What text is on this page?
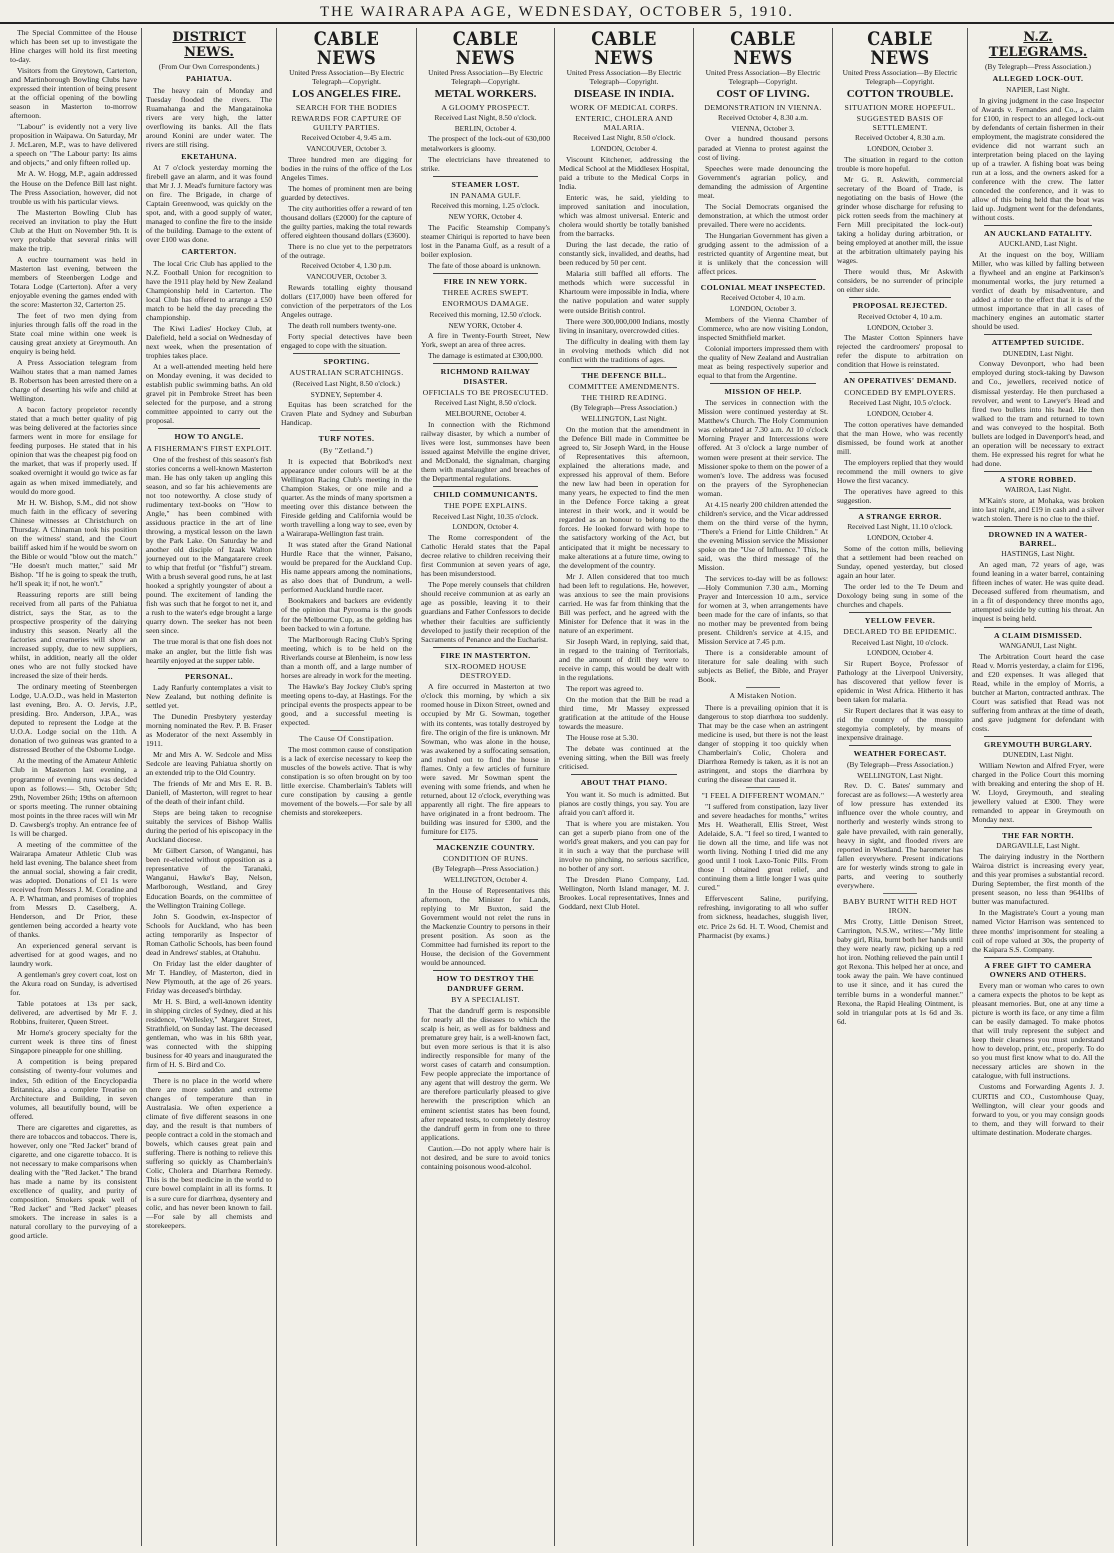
THE WAIRARAPA AGE, WEDNESDAY, OCTOBER 5, 1910.

The Special Committee of the House which has been set up to investigate the Hine charges will hold its first meeting to-day.

Visitors from the Greytown, Carterton, and Martinborough Bowling Clubs have expressed their intention of being present at the official opening of the bowling season in Masterton to-morrow afternoon.

"Labour" is evidently not a very live proposition in Waipawa. On Saturday, Mr J. McLaren, M.P., was to have delivered a speech on "The Labour party: Its aims and objects," and only fifteen rolled up.

Mr A. W. Hogg, M.P., again addressed the House on the Defence Bill last night. The Press Association, however, did not trouble us with his particular views.

The Masterton Bowling Club has received an invitation to play the Hutt Club at the Hutt on November 9th. It is very probable that several rinks will make the trip.

A euchre tournament was held in Masterton last evening, between the members of Steenbergen Lodge and Totara Lodge (Carterton). After a very enjoyable evening the games ended with the score: Masterton 32, Carterton 25.

The feet of two men dying from injuries through falls off the road in the State coal mine within one week is causing great anxiety at Greymouth. An enquiry is being held.

A Press Association telegram from Waihou states that a man named James B. Robertson has been arrested there on a charge of deserting his wife and child at Wellington.

A bacon factory proprietor recently stated that a much better quality of pig was being delivered at the factories since farmers went in more for ensilage for feeding purposes. He stated that in his opinion that was the cheapest pig food on the market, that was if properly used. If soaked overnight it would go twice as far again as when mixed immediately, and would do more good.

Mr H. W. Bishop, S.M., did not show much faith in the efficacy of severing Chinese witnesses at Christchurch on Thursday. A Chinaman took his position on the witness' stand, and the Court bailiff asked him if he would be sworn on the Bible or would "blow out the match." "He doesn't much matter," said Mr Bishop. "If he is going to speak the truth, he'll speak it; if not, he won't."

Reassuring reports are still being received from all parts of the Pahiatua district, says the Star, as to the prospective prosperity of the dairying industry this season. Nearly all the factories and creameries will show an increased supply, due to new suppliers, whilst, in addition, nearly all the older ones who are not fully stocked have increased the size of their herds.

The ordinary meeting of Steenbergen Lodge, U.A.O.D., was held in Masterton last evening, Bro. A. O. Jervis, J.P., presiding. Bro. Anderson, J.P.A., was deputed to represent the Lodge at the U.O.A. Lodge social on the 11th. A donation of two guineas was granted to a distressed Brother of the Osborne Lodge.

At the meeting of the Amateur Athletic Club in Masterton last evening, a programme of evening runs was decided upon as follows:— 5th, October 5th; 29th, November 26th; 19ths on afternoon or sports meeting. The runner obtaining most points in the three races will win Mr D. Cawsberg's trophy. An entrance fee of 1s will be charged.

A meeting of the committee of the Wairarapa Amateur Athletic Club was held last evening. The balance sheet from the annual social, showing a fair credit, was adopted. Donations of £1 1s were received from Messrs J. M. Coradine and A. P. Whatman, and promises of trophies from Messrs D. Caselberg, A. Henderson, and Dr Prior, these gentlemen being accorded a hearty vote of thanks.

An experienced general servant is advertised for at good wages, and no laundry work.

A gentleman's grey covert coat, lost on the Akura road on Sunday, is advertised for.

Table potatoes at 13s per sack, delivered, are advertised by Mr F. J. Robbins, fruiterer, Queen Street.

Mr Horne's grocery specialty for the current week is three tins of finest Singapore pineapple for one shilling.

A competition is being prepared consisting of twenty-four volumes and index, 5th edition of the Encyclopædia Britannica, also a complete Treatise on Architecture and Building, in seven volumes, all beautifully bound, will be offered.

There are cigarettes and cigarettes, as there are tobaccos and tobaccos. There is, however, only one "Red Jacket" brand of cigarette, and one cigarette tobacco. It is not necessary to make comparisons when dealing with the "Red Jacket." The brand has made a name by its consistent excellence of quality, and purity of composition. Smokers speak well of "Red Jacket" and "Red Jacket" pleases smokers. The increase in sales is a natural corollary to the purveying of a good article.

DISTRICT NEWS.
(From Our Own Correspondents.)
PAHIATUA.

The heavy rain of Monday and Tuesday flooded the rivers. The Ruamahanga and the Mangatainoka rivers are very high, the latter overflowing its banks. All the flats around Konini are under water. The rivers are still rising.

EKETAHUNA.

At 7 o'clock yesterday morning the firebell gave an alarm, and it was found that Mr J. J. Mead's furniture factory was on fire. The Brigade, in charge of Captain Greenwood, was quickly on the spot, and, with a good supply of water, managed to confine the fire to the inside of the building. Damage to the extent of over £100 was done.

CARTERTON.

The local Cric Club has applied to the N.Z. Football Union for recognition to have the 1911 play held by New Zealand Championship held in Carterton. The local Club has offered to arrange a £50 match to be held the day preceding the championship.

The Kiwi Ladies' Hockey Club, at Dalefield, held a social on Wednesday of next week, when the presentation of trophies takes place.

At a well-attended meeting held here on Monday evening, it was decided to establish public swimming baths. An old gravel pit in Pembroke Street has been selected for the purpose, and a strong committee appointed to carry out the proposal.

HOW TO ANGLE.
A FISHERMAN'S FIRST EXPLOIT.

One of the freshest of this season's fish stories concerns a well-known Masterton man. He has only taken up angling this season, and so far his achievements are not too noteworthy. A close study of rudimentary text-books on "How to Angle," has been combined with assiduous practice in the art of line throwing, a mystical lesson on the lawn by the Park Lake. On Saturday he and another old disciple of Izaak Walton journeyed out to the Mangatarere creek to whip that fretful (or "fishful") stream. With a brush several good runs, he at last hooked a sprightly youngster of about a pound. The excitement of landing the fish was such that he forgot to net it, and a rush to the water's edge brought a large quarry down. The seeker has not been seen since.

The true moral is that one fish does not make an angler, but the little fish was heartily enjoyed at the supper table.

PERSONAL.

Lady Ranfurly contemplates a visit to New Zealand, but nothing definite is settled yet.

The Dunedin Presbytery yesterday morning nominated the Rev. P. B. Fraser as Moderator of the next Assembly in 1911.

Mr and Mrs A. W. Sedcole and Miss Sedcole are leaving Pahiatua shortly on an extended trip to the Old Country.

The friends of Mr and Mrs E. R. B. Daniell, of Masterton, will regret to hear of the death of their infant child.

Steps are being taken to recognise suitably the services of Bishop Wallis during the period of his episcopacy in the Auckland diocese.

Mr Gilbert Carson, of Wanganui, has been re-elected without opposition as a representative of the Taranaki, Wanganui, Hawke's Bay, Nelson, Marlborough, Westland, and Grey Education Boards, on the committee of the Wellington Training College.

John S. Goodwin, ex-Inspector of Schools for Auckland, who has been acting temporarily as Inspector of Roman Catholic Schools, has been found dead in Andrews' stables, at Otahuhu.

On Friday last the elder daughter of Mr T. Handley, of Masterton, died in New Plymouth, at the age of 26 years. Friday was deceased's birthday.

Mr H. S. Bird, a well-known identity in shipping circles of Sydney, died at his residence, "Wellesley," Margaret Street, Strathfield, on Sunday last. The deceased gentleman, who was in his 68th year, was connected with the shipping business for 40 years and inaugurated the firm of H. S. Bird and Co.

There is no place in the world where there are more sudden and extreme changes of temperature than in Australasia. We often experience a climate of five different seasons in one day, and the result is that numbers of people contract a cold in the stomach and bowels, which causes great pain and suffering. There is nothing to relieve this suffering so quickly as Chamberlain's Colic, Cholera and Diarrhœa Remedy. This is the best medicine in the world to cure bowel complaint in all its forms. It is a sure cure for diarrhœa, dysentery and colic, and has never been known to fail.—For sale by all chemists and storekeepers.

CABLE NEWS
United Press Association—By Electric Telegraph—Copyright.
LOS ANGELES FIRE.
SEARCH FOR THE BODIES
REWARDS FOR CAPTURE OF GUILTY PARTIES.
Received October 4, 9.45 a.m.
VANCOUVER, October 3.

Three hundred men are digging for bodies in the ruins of the office of the Los Angeles Times.

The homes of prominent men are being guarded by detectives.

The city authorities offer a reward of ten thousand dollars (£2000) for the capture of the guilty parties, making the total rewards offered eighteen thousand dollars (£3600).

There is no clue yet to the perpetrators of the outrage.

Received October 4, 1.30 p.m.
VANCOUVER, October 3.

Rewards totalling eighty thousand dollars (£17,000) have been offered for conviction of the perpetrators of the Los Angeles outrage.

The death roll numbers twenty-one.

Forty special detectives have been engaged to cope with the situation.

SPORTING.
AUSTRALIAN SCRATCHINGS.
(Received Last Night, 8.50 o'clock.)
SYDNEY, September 4.

Equitas has been scratched for the Craven Plate and Sydney and Suburban Handicap.

TURF NOTES.
(By "Zetland.")

It is expected that Bobrikod's next appearance under colours will be at the Wellington Racing Club's meeting in the Champion Stakes, or one mile and a quarter. As the minds of many sportsmen a meeting over this distance between the Fireside gelding and California would be worth travelling a long way to see, even by a Wairarapa-Wellington fast train.

It was stated after the Grand National Hurdle Race that the winner, Paisano, would be prepared for the Auckland Cup. His name appears among the nominations, as also does that of Dundrum, a well-performed Auckland hurdle racer.

Bookmakers and backers are evidently of the opinion that Pyrooma is the goods for the Melbourne Cup, as the gelding has been backed to win a fortune.

The Marlborough Racing Club's Spring meeting, which is to be held on the Riverlands course at Blenheim, is now less than a month off, and a large number of horses are already in work for the meeting.

The Hawke's Bay Jockey Club's spring meeting opens to-day, at Hastings. For the principal events the prospects appear to be good, and a successful meeting is expected.

The Cause Of Constipation.

The most common cause of constipation is a lack of exercise necessary to keep the muscles of the bowels active. That is why constipation is so often brought on by too little exercise. Chamberlain's Tablets will cure constipation by causing a gentle movement of the bowels.—For sale by all chemists and storekeepers.

CABLE NEWS
United Press Association—By Electric Telegraph—Copyright.
METAL WORKERS.
A GLOOMY PROSPECT.
Received Last Night, 8.50 o'clock.
BERLIN, October 4.

The prospect of the lock-out of 630,000 metalworkers is gloomy.

The electricians have threatened to strike.

STEAMER LOST.
IN PANAMA GULF.
Received this morning, 1.25 o'clock.
NEW YORK, October 4.

The Pacific Steamship Company's steamer Chiriqui is reported to have been lost in the Panama Gulf, as a result of a boiler explosion.

The fate of those aboard is unknown.

FIRE IN NEW YORK.
THREE ACRES SWEPT.
ENORMOUS DAMAGE.
Received this morning, 12.50 o'clock.
NEW YORK, October 4.

A fire in Twenty-Fourth Street, New York, swept an area of three acres.

The damage is estimated at £300,000.

RICHMOND RAILWAY DISASTER.
OFFICIALS TO BE PROSECUTED.
Received Last Night, 8.50 o'clock.
MELBOURNE, October 4.

In connection with the Richmond railway disaster, by which a number of lives were lost, summonses have been issued against Melville the engine driver, and McDonald, the signalman, charging them with manslaughter and breaches of the Departmental regulations.

CHILD COMMUNICANTS.
THE POPE EXPLAINS.
Received Last Night, 10.35 o'clock.
LONDON, October 4.

The Rome correspondent of the Catholic Herald states that the Papal decree relative to children receiving their first Communion at seven years of age, has been misunderstood.

The Pope merely counsels that children should receive communion at as early an age as possible, leaving it to their guardians and Father Confessors to decide whether their faculties are sufficiently developed to justify their reception of the Sacraments of Penance and the Eucharist.

FIRE IN MASTERTON.
SIX-ROOMED HOUSE DESTROYED.

A fire occurred in Masterton at two o'clock this morning, by which a six roomed house in Dixon Street, owned and occupied by Mr G. Sowman, together with its contents, was totally destroyed by fire. The origin of the fire is unknown. Mr Sowman, who was alone in the house, was awakened by a suffocating sensation, and rushed out to find the house in flames. Only a few articles of furniture were saved. Mr Sowman spent the evening with some friends, and when he returned, about 12 o'clock, everything was apparently all right. The fire appears to have originated in a front bedroom. The building was insured for £300, and the furniture for £175.

MACKENZIE COUNTRY.
CONDITION OF RUNS.
(By Telegraph—Press Association.)
WELLINGTON, October 4.

In the House of Representatives this afternoon, the Minister for Lands, replying to Mr Buxton, said the Government would not relet the runs in the Mackenzie Country to persons in their present position. As soon as the Committee had furnished its report to the House, the decision of the Government would be announced.

HOW TO DESTROY THE DANDRUFF GERM.
BY A SPECIALIST.

That the dandruff germ is responsible for nearly all the diseases to which the scalp is heir, as well as for baldness and premature grey hair, is a well-known fact, but even more serious is that it is also indirectly responsible for many of the worst cases of catarrh and consumption. Few people appreciate the importance of any agent that will destroy the germ. We are therefore particularly pleased to give herewith the prescription which an eminent scientist states has been found, after repeated tests, to completely destroy the dandruff germ in from one to three applications.

Caution.—Do not apply where hair is not desired, and be sure to avoid tonics containing poisonous wood-alcohol.

CABLE NEWS
United Press Association—By Electric Telegraph—Copyright.
DISEASE IN INDIA.
WORK OF MEDICAL CORPS.
ENTERIC, CHOLERA AND MALARIA.
Received Last Night, 8.50 o'clock.
LONDON, October 4.

Viscount Kitchener, addressing the Medical School at the Middlesex Hospital, paid a tribute to the Medical Corps in India.

Enteric was, he said, yielding to improved sanitation and inoculation, which was almost universal. Enteric and cholera would shortly be totally banished from the barracks.

During the last decade, the ratio of constantly sick, invalided, and deaths, had been reduced by 50 per cent.

Malaria still baffled all efforts. The methods which were successful in Khartoum were impossible in India, where the native population and water supply were outside British control.

There were 300,000,000 Indians, mostly living in insanitary, overcrowded cities.

The difficulty in dealing with them lay in evolving methods which did not conflict with the traditions of ages.

THE DEFENCE BILL.
COMMITTEE AMENDMENTS.
THE THIRD READING.
(By Telegraph—Press Association.)
WELLINGTON, Last Night.

On the motion that the amendment in the Defence Bill made in Committee be agreed to, Sir Joseph Ward, in the House of Representatives this afternoon, explained the alterations made, and expressed his approval of them. Before the new law had been in operation for many years, he expected to find the men in the Defence Force taking a great interest in their work, and it would be regarded as an honour to belong to the forces. He looked forward with hope to the satisfactory working of the Act, but anticipated that it might be necessary to make alterations at a future time, owing to the development of the country.

Mr J. Allen considered that too much had been left to regulations. He, however, was anxious to see the main provisions carried. He was far from thinking that the Bill was perfect, and he agreed with the Minister for Defence that it was in the nature of an experiment.

Sir Joseph Ward, in replying, said that, in regard to the training of Territorials, and the amount of drill they were to receive in camp, this would be dealt with in the regulations.

The report was agreed to.

On the motion that the Bill be read a third time, Mr Massey expressed gratification at the attitude of the House towards the measure.

The House rose at 5.30.

The debate was continued at the evening sitting, when the Bill was freely criticised.

ABOUT THAT PIANO.

You want it. So much is admitted. But pianos are costly things, you say. You are afraid you can't afford it.

That is where you are mistaken. You can get a superb piano from one of the world's great makers, and you can pay for it in such a way that the purchase will involve no pinching, no serious sacrifice, no bother of any sort.

The Dresden Piano Company, Ltd. Wellington, North Island manager, M. J. Brookes. Local representatives, Innes and Goddard, next Club Hotel.

CABLE NEWS
United Press Association—By Electric Telegraph—Copyright.
COST OF LIVING.
DEMONSTRATION IN VIENNA.
Received October 4, 8.30 a.m.
VIENNA, October 3.

Over a hundred thousand persons paraded at Vienna to protest against the cost of living.

Speeches were made denouncing the Government's agrarian policy, and demanding the admission of Argentine meat.

The Social Democrats organised the demonstration, at which the utmost order prevailed. There were no accidents.

The Hungarian Government has given a grudging assent to the admission of a restricted quantity of Argentine meat, but it is unlikely that the concession will affect prices.

COLONIAL MEAT INSPECTED.
Received October 4, 10 a.m.
LONDON, October 3.

Members of the Vienna Chamber of Commerce, who are now visiting London, inspected Smithfield market.

Colonial importers impressed them with the quality of New Zealand and Australian meat as being respectively superior and equal to that from the Argentine.

MISSION OF HELP.

The services in connection with the Mission were continued yesterday at St. Matthew's Church. The Holy Communion was celebrated at 7.30 a.m. At 10 o'clock Morning Prayer and Intercessions were offered. At 3 o'clock a large number of women were present at their service. The Missioner spoke to them on the power of a women's love. The address was focused on the prayers of the Syrophenecian woman.

At 4.15 nearly 200 children attended the children's service, and the Vicar addressed them on the third verse of the hymn, "There's a Friend for Little Children." At the evening Mission service the Missioner spoke on the "Use of Influence." This, he said, was the third message of the Mission.

The services to-day will be as follows:—Holy Communion 7.30 a.m., Morning Prayer and Intercession 10 a.m., service for women at 3, when arrangements have been made for the care of infants, so that no mother may be prevented from being present. Children's service at 4.15, and Mission Service at 7.45 p.m.

There is a considerable amount of literature for sale dealing with such subjects as Belief, the Bible, and Prayer Book.

A Mistaken Notion.

There is a prevailing opinion that it is dangerous to stop diarrhœa too suddenly. That may be the case when an astringent medicine is used, but there is not the least danger of stopping it too quickly when Chamberlain's Colic, Cholera and Diarrhœa Remedy is taken, as it is not an astringent, and stops the diarrhœa by curing the disease that caused it.

"I FEEL A DIFFERENT WOMAN."

"I suffered from constipation, lazy liver and severe headaches for months," writes Mrs H. Weatherall, Ellis Street, West Adelaide, S.A. "I feel so tired, I wanted to lie down all the time, and life was not worth living. Nothing I tried did me any good until I took Laxo-Tonic Pills. From those I obtained great relief, and continuing them a little longer I was quite cured."

Effervescent Saline, purifying, refreshing, invigorating to all who suffer from sickness, headaches, sluggish liver, etc. Price 2s 6d. H. T. Wood, Chemist and Pharmacist (by exams.)

CABLE NEWS
United Press Association—By Electric Telegraph—Copyright.
COTTON TROUBLE.
SITUATION MORE HOPEFUL.
SUGGESTED BASIS OF SETTLEMENT.
Received October 4, 8.30 a.m.
LONDON, October 3.

The situation in regard to the cotton trouble is more hopeful.

Mr G. R. Askwith, commercial secretary of the Board of Trade, is negotiating on the basis of Howe (the grinder whose discharge for refusing to pick rotten seeds from the machinery at Fern Mill precipitated the lock-out) taking a holiday during arbitration, or being employed at another mill, the issue at the arbitration ultimately paying his wages.

There would thus, Mr Askwith considers, be no surrender of principle on either side.

PROPOSAL REJECTED.
Received October 4, 10 a.m.
LONDON, October 3.

The Master Cotton Spinners have rejected the cardroomers' proposal to refer the dispute to arbitration on condition that Howe is reinstated.

AN OPERATIVES' DEMAND.
CONCEDED BY EMPLOYERS.
Received Last Night, 10.5 o'clock.
LONDON, October 4.

The cotton operatives have demanded that the man Howe, who was recently dismissed, be found work at another mill.

The employers replied that they would recommend the mill owners to give Howe the first vacancy.

The operatives have agreed to this suggestion.

A STRANGE ERROR.
Received Last Night, 11.10 o'clock.
LONDON, October 4.

Some of the cotton mills, believing that a settlement had been reached on Sunday, opened yesterday, but closed again an hour later.

The order led to the Te Deum and Doxology being sung in some of the churches and chapels.

YELLOW FEVER.
DECLARED TO BE EPIDEMIC.
Received Last Night, 10 o'clock.
LONDON, October 4.

Sir Rupert Boyce, Professor of Pathology at the Liverpool University, has discovered that yellow fever is epidemic in West Africa. Hitherto it has been taken for malaria.

Sir Rupert declares that it was easy to rid the country of the mosquito stegomyia completely, by means of inexpensive drainage.

WEATHER FORECAST.
(By Telegraph—Press Association.)
WELLINGTON, Last Night.

Rev. D. C. Bates' summary and forecast are as follows:—A westerly area of low pressure has extended its influence over the whole country, and northerly and westerly winds strong to gale have prevailed, with rain generally, heavy in sight, and flooded rivers are reported in Westland. The barometer has fallen everywhere. Present indications are for westerly winds strong to gale in parts, and veering to southerly everywhere.

BABY BURNT WITH RED HOT IRON.

Mrs Crotty, Little Denison Street, Carrington, N.S.W., writes:—"My little baby girl, Rita, burnt both her hands until they were nearly raw, picking up a red hot iron. Nothing relieved the pain until I got Rexona. This helped her at once, and took away the pain. We have continued to use it since, and it has cured the terrible burns in a wonderful manner." Rexona, the Rapid Healing Ointment, is sold in triangular pots at 1s 6d and 3s. 6d.

N.Z. TELEGRAMS.
(By Telegraph—Press Association.)
ALLEGED LOCK-OUT.
NAPIER, Last Night.

In giving judgment in the case Inspector of Awards v. Fernandes and Co., a claim for £100, in respect to an alleged lock-out by defendants of certain fishermen in their employment, the magistrate considered the evidence did not warrant such an interpretation being placed on the laying up of a trawler. A fishing boat was being run at a loss, and the owners asked for a conference with the crew. The latter conceded the conference, and it was to allow of this being held that the boat was laid up. Judgment went for the defendants, without costs.

AN AUCKLAND FATALITY.
AUCKLAND, Last Night.

At the inquest on the boy, William Miller, who was killed by falling between a flywheel and an engine at Parkinson's monumental works, the jury returned a verdict of death by misadventure, and added a rider to the effect that it is of the utmost importance that in all cases of machinery engines an automatic starter should be used.

ATTEMPTED SUICIDE.
DUNEDIN, Last Night.

Conway Devonport, who had been employed during stock-taking by Dawson and Co., jewellers, received notice of dismissal yesterday. He then purchased a revolver, and went to Lawyer's Head and fired two bullets into his head. He then walked to the tram and returned to town and was conveyed to the hospital. Both bullets are lodged in Davenport's head, and an operation will be necessary to extract them. He expressed his regret for what he had done.

A STORE ROBBED.
WAIROA, Last Night.

M'Kain's store, at Mohaka, was broken into last night, and £19 in cash and a silver watch stolen. There is no clue to the thief.

DROWNED IN A WATER-BARREL.
HASTINGS, Last Night.

An aged man, 72 years of age, was found leaning in a water barrel, containing fifteen inches of water. He was quite dead. Deceased suffered from rheumatism, and in a fit of despondency three months ago, attempted suicide by cutting his throat. An inquest is being held.

A CLAIM DISMISSED.
WANGANUI, Last Night.

The Arbitration Court heard the case Read v. Morris yesterday, a claim for £196, and £20 expenses. It was alleged that Read, while in the employ of Morris, a butcher at Marton, contracted anthrax. The Court was satisfied that Read was not suffering from anthrax at the time of death, and gave judgment for defendant with costs.

GREYMOUTH BURGLARY.
DUNEDIN, Last Night.

William Newton and Alfred Fryer, were charged in the Police Court this morning with breaking and entering the shop of H. W. Lloyd, Greymouth, and stealing jewellery valued at £300. They were remanded to appear in Greymouth on Monday next.

THE FAR NORTH.
DARGAVILLE, Last Night.

The dairying industry in the Northern Wairoa district is increasing every year, and this year promises a substantial record. During September, the first month of the present season, no less than 9641lbs of butter was manufactured.

In the Magistrate's Court a young man named Victor Harrison was sentenced to three months' imprisonment for stealing a coil of rope valued at 30s, the property of the Kaipara S.S. Company.

A FREE GIFT TO CAMERA OWNERS AND OTHERS.

Every man or woman who cares to own a camera expects the photos to be kept as pleasant memories. But, one at any time a picture is worth its face, or any time a film can be easily damaged. To make photos that will truly represent the subject and keep their clearness you must understand how to develop, print, etc., properly. To do so you must first know what to do. All the necessary articles are shown in the catalogue, with full instructions.

Customs and Forwarding Agents J. J. CURTIS and CO., Customhouse Quay, Wellington, will clear your goods and forward to you, or you may consign goods to them, and they will forward to their ultimate destination. Moderate charges.
